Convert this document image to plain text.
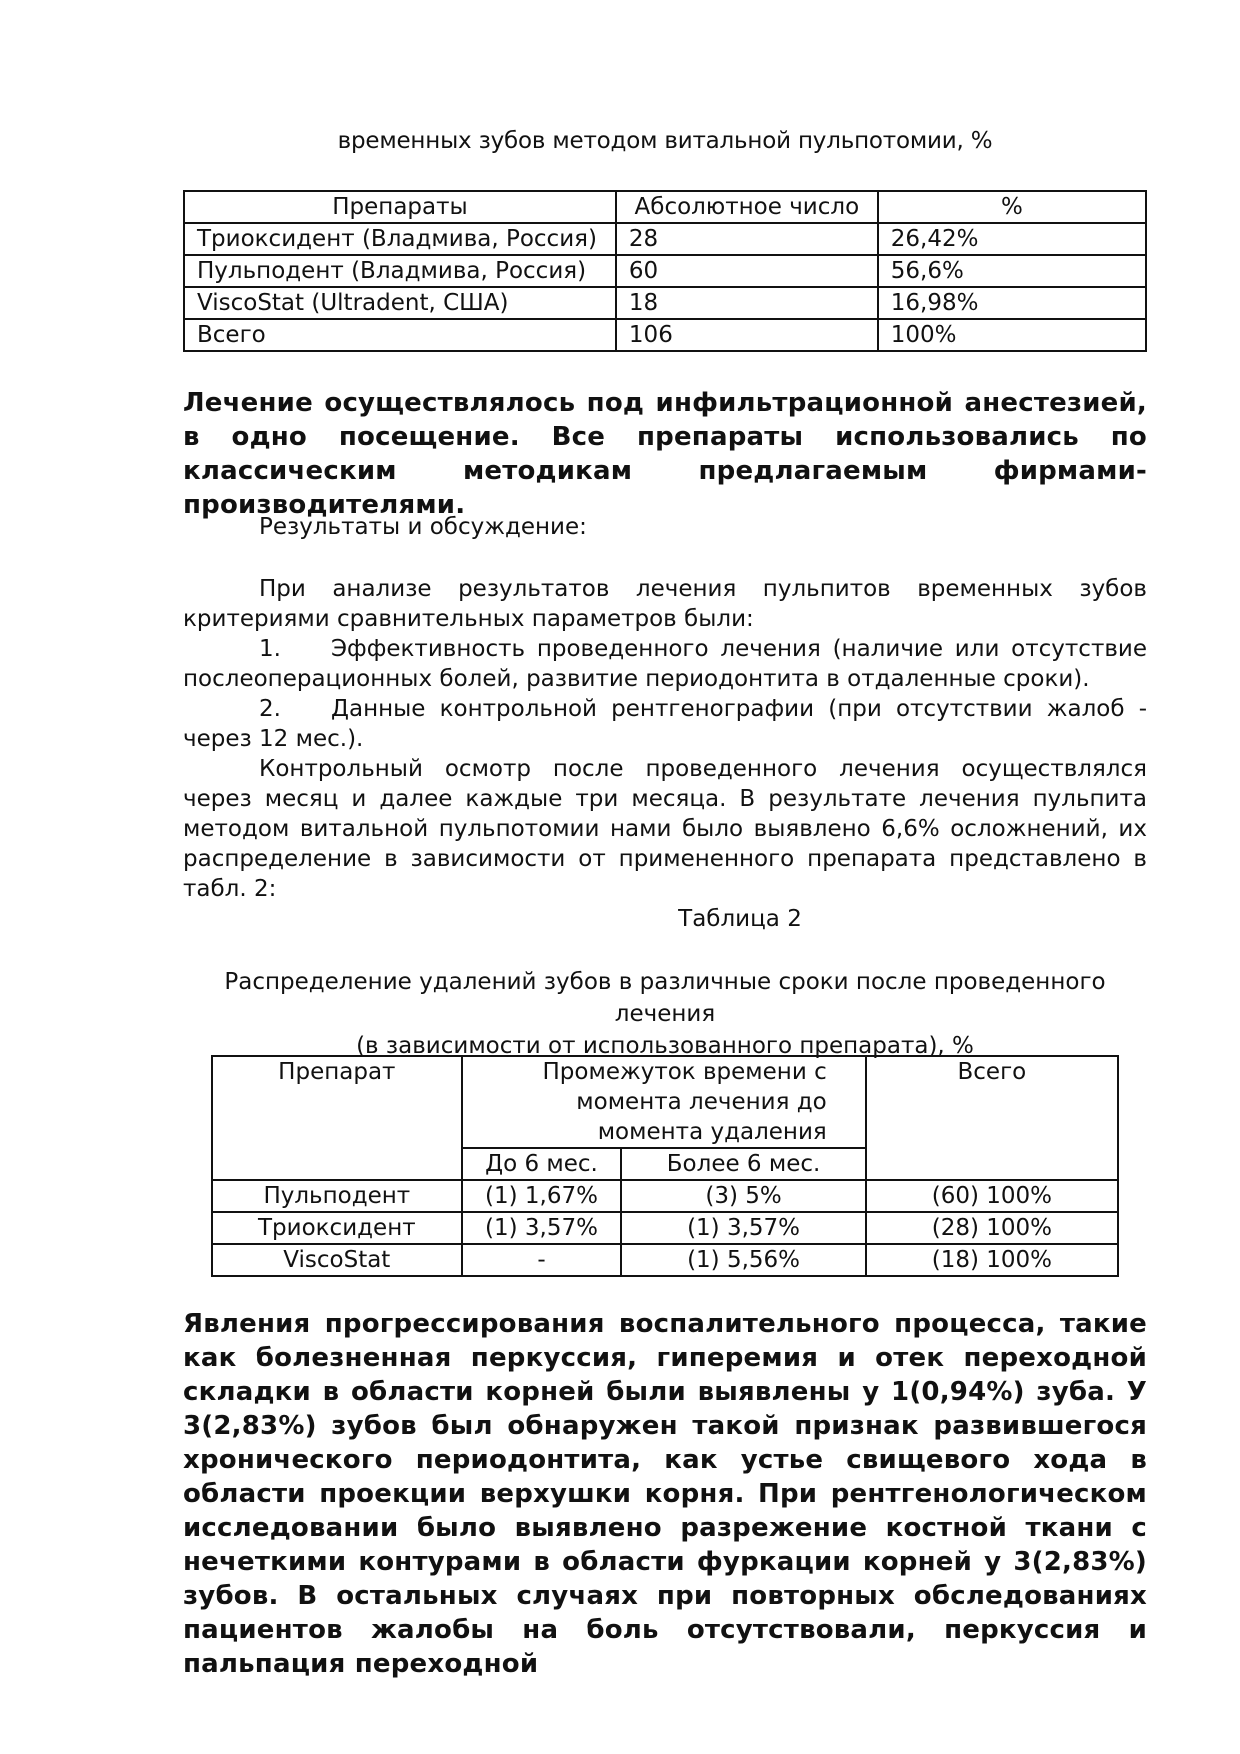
временных зубов методом витальной пульпотомии, %
Препараты	Абсолютное число	%
Триоксидент (Владмива, Россия)	28	26,42%
Пульподент (Владмива, Россия)	60	56,6%
ViscoStat (Ultradent, США)	18	16,98%
Всего	106	100%
Лечение осуществлялось под инфильтрационной анестезией, в одно посещение. Все препараты использовались по классическим методикам предлагаемым фирмами-производителями.
Результаты и обсуждение:

При анализе результатов лечения пульпитов временных зубов критериями сравнительных параметров были:

1. Эффективность проведенного лечения (наличие или отсутствие послеоперационных болей, развитие периодонтита в отдаленные сроки).

2. Данные контрольной рентгенографии (при отсутствии жалоб - через 12 мес.).

Контрольный осмотр после проведенного лечения осуществлялся через месяц и далее каждые три месяца. В результате лечения пульпита методом витальной пульпотомии нами было выявлено 6,6% осложнений, их распределение в зависимости от примененного препарата представлено в табл. 2:

Таблица 2
Распределение удалений зубов в различные сроки после проведенного лечения
(в зависимости от использованного препарата), %
Препарат	Промежуток времени с момента лечения до момента удаления		Всего
	До 6 мес.	Более 6 мес.	
Пульподент	(1) 1,67%	(3) 5%	(60) 100%
Триоксидент	(1) 3,57%	(1) 3,57%	(28) 100%
ViscoStat	-	(1) 5,56%	(18) 100%
Явления прогрессирования воспалительного процесса, такие как болезненная перкуссия, гиперемия и отек переходной складки в области корней были выявлены у 1(0,94%) зуба. У 3(2,83%) зубов был обнаружен такой признак развившегося хронического периодонтита, как устье свищевого хода в области проекции верхушки корня. При рентгенологическом исследовании было выявлено разрежение костной ткани с нечеткими контурами в области фуркации корней у 3(2,83%) зубов. В остальных случаях при повторных обследованиях пациентов жалобы на боль отсутствовали, перкуссия и пальпация переходной
